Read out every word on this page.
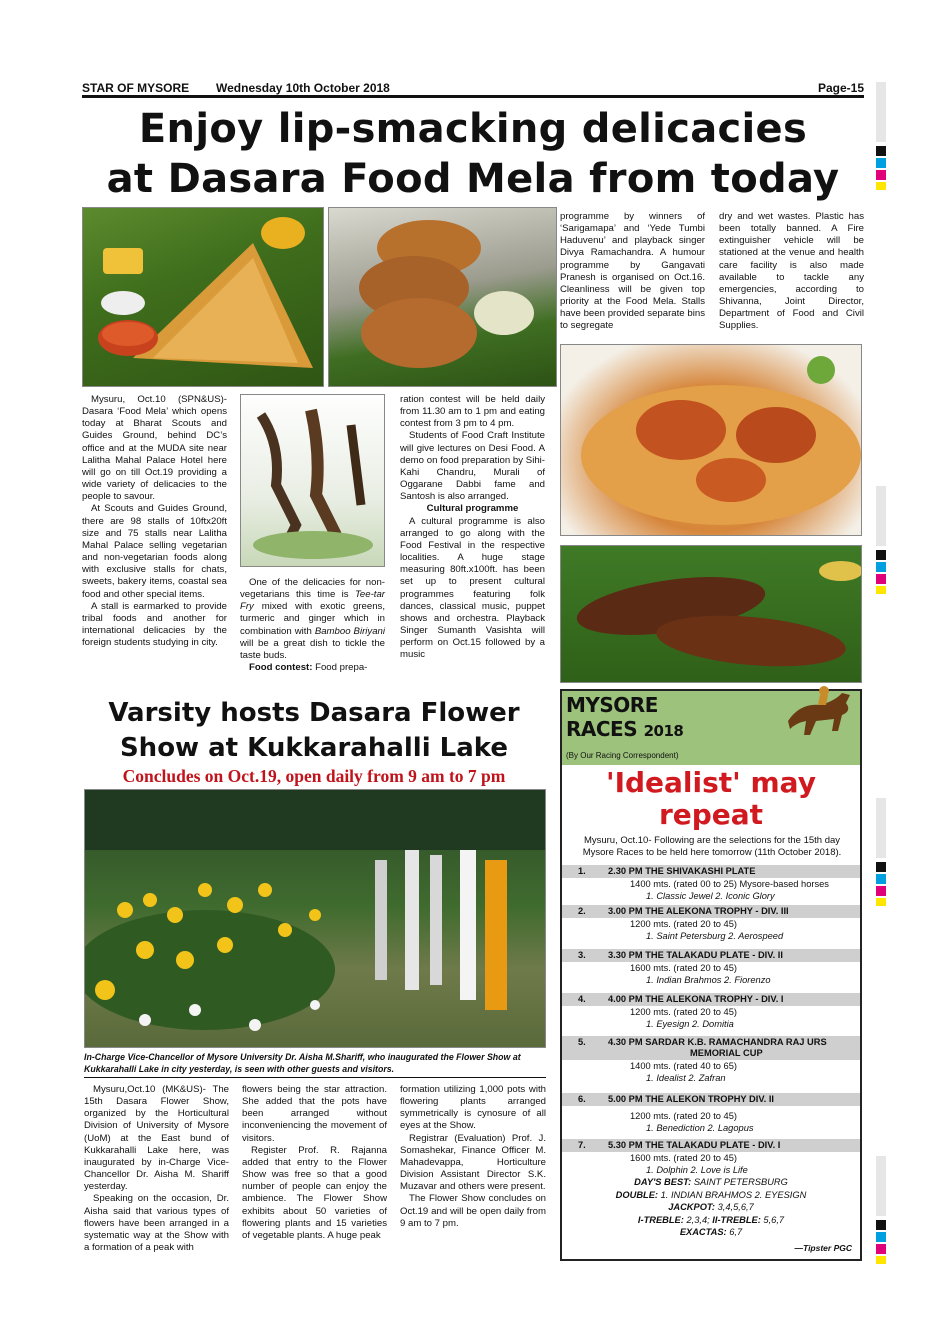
STAR OF MYSORE Wednesday 10th October 2018	Page-15
Enjoy lip-smacking delicacies
at Dasara Food Mela from today

Mysuru, Oct.10 (SPN&US)- Dasara ‘Food Mela’ which opens today at Bharat Scouts and Guides Ground, behind DC’s office and at the MUDA site near Lalitha Mahal Palace Hotel here will go on till Oct.19 providing a wide variety of delicacies to the people to savour.

At Scouts and Guides Ground, there are 98 stalls of 10ftx20ft size and 75 stalls near Lalitha Mahal Palace selling vegetarian and non-vegetarian foods along with exclusive stalls for chats, sweets, bakery items, coastal sea food and other special items.

A stall is earmarked to provide tribal foods and another for international delicacies by the foreign students studying in city.

One of the delicacies for non-vegetarians this time is Tee-tar Fry mixed with exotic greens, turmeric and ginger which in combination with Bamboo Biriyani will be a great dish to tickle the taste buds.

Food contest: Food prepa-

ration contest will be held daily from 11.30 am to 1 pm and eating contest from 3 pm to 4 pm.

Students of Food Craft Institute will give lectures on Desi Food. A demo on food preparation by Sihi-Kahi Chandru, Murali of Oggarane Dabbi fame and Santosh is also arranged.

Cultural programme

A cultural programme is also arranged to go along with the Food Festival in the respective localities. A huge stage measuring 80ft.x100ft. has been set up to present cultural programmes featuring folk dances, classical music, puppet shows and orchestra. Playback Singer Sumanth Vasishta will perform on Oct.15 followed by a music

programme by winners of ‘Sarigamapa’ and ‘Yede Tumbi Haduvenu’ and playback singer Divya Ramachandra. A humour programme by Gangavati Pranesh is organised on Oct.16. Cleanliness will be given top priority at the Food Mela. Stalls have been provided separate bins to segregate

dry and wet wastes. Plastic has been totally banned. A Fire extinguisher vehicle will be stationed at the venue and health care facility is also made available to tackle any emergencies, according to Shivanna, Joint Director, Department of Food and Civil Supplies.

Varsity hosts Dasara Flower
Show at Kukkarahalli Lake
Concludes on Oct.19, open daily from 9 am to 7 pm
In-Charge Vice-Chancellor of Mysore University Dr. Aisha M.Shariff, who inaugurated the Flower Show at Kukkarahalli Lake in city yesterday, is seen with other guests and visitors.

Mysuru,Oct.10 (MK&US)- The 15th Dasara Flower Show, organized by the Horticultural Division of University of Mysore (UoM) at the East bund of Kukkarahalli Lake here, was inaugurated by in-Charge Vice-Chancellor Dr. Aisha M. Shariff yesterday.

Speaking on the occasion, Dr. Aisha said that various types of flowers have been arranged in a systematic way at the Show with a formation of a peak with

flowers being the star attraction. She added that the pots have been arranged without inconveniencing the movement of visitors.

Register Prof. R. Rajanna added that entry to the Flower Show was free so that a good number of people can enjoy the ambience. The Flower Show exhibits about 50 varieties of flowering plants and 15 varieties of vegetable plants. A huge peak

formation utilizing 1,000 pots with flowering plants arranged symmetrically is cynosure of all eyes at the Show.

Registrar (Evaluation) Prof. J. Somashekar, Finance Officer M. Mahadevappa, Horticulture Division Assistant Director S.K. Muzavar and others were present.

The Flower Show concludes on Oct.19 and will be open daily from 9 am to 7 pm.

MYSORE
RACES 2018
(By Our Racing Correspondent)
'Idealist' may
repeat
Mysuru, Oct.10- Following are the selections for the 15th day Mysore Races to be held here tomorrow (11th October 2018).
1. 2.30 PM THE SHIVAKASHI PLATE
1400 mts. (rated 00 to 25) Mysore-based horses
1. Classic Jewel 2. Iconic Glory
2. 3.00 PM THE ALEKONA TROPHY - DIV. III
1200 mts. (rated 20 to 45)
1. Saint Petersburg 2. Aerospeed
3. 3.30 PM THE TALAKADU PLATE - DIV. II
1600 mts. (rated 20 to 45)
1. Indian Brahmos 2. Fiorenzo
4. 4.00 PM THE ALEKONA TROPHY - DIV. I
1200 mts. (rated 20 to 45)
1. Eyesign 2. Domitia
5. 4.30 PM SARDAR K.B. RAMACHANDRA RAJ URS
MEMORIAL CUP
1400 mts. (rated 40 to 65)
1. Idealist 2. Zafran
6. 5.00 PM THE ALEKON TROPHY DIV. II
1200 mts. (rated 20 to 45)
1. Benediction 2. Lagopus
7. 5.30 PM THE TALAKADU PLATE - DIV. I
1600 mts. (rated 20 to 45)
1. Dolphin 2. Love is Life
DAY'S BEST: SAINT PETERSBURG
DOUBLE: 1. INDIAN BRAHMOS 2. EYESIGN
JACKPOT: 3,4,5,6,7
I-TREBLE: 2,3,4; II-TREBLE: 5,6,7
EXACTAS: 6,7
—Tipster PGC
